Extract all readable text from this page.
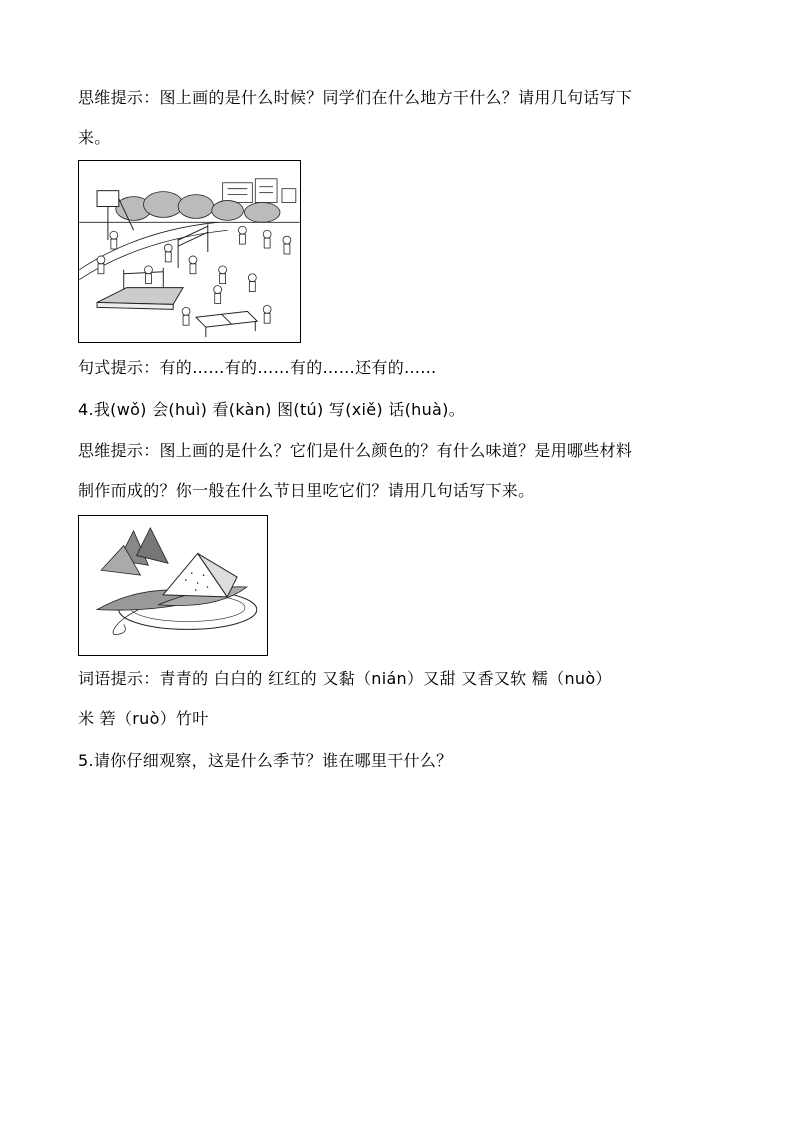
思维提示：图上画的是什么时候？同学们在什么地方干什么？请用几句话写下
来。
句式提示：有的……有的……有的……还有的……
4.我(wǒ) 会(huì) 看(kàn) 图(tú) 写(xiě) 话(huà)。
思维提示：图上画的是什么？它们是什么颜色的？有什么味道？是用哪些材料
制作而成的？你一般在什么节日里吃它们？请用几句话写下来。
词语提示：青青的 白白的 红红的 又黏（nián）又甜 又香又软 糯（nuò）
米 箬（ruò）竹叶
5.请你仔细观察，这是什么季节？谁在哪里干什么？
